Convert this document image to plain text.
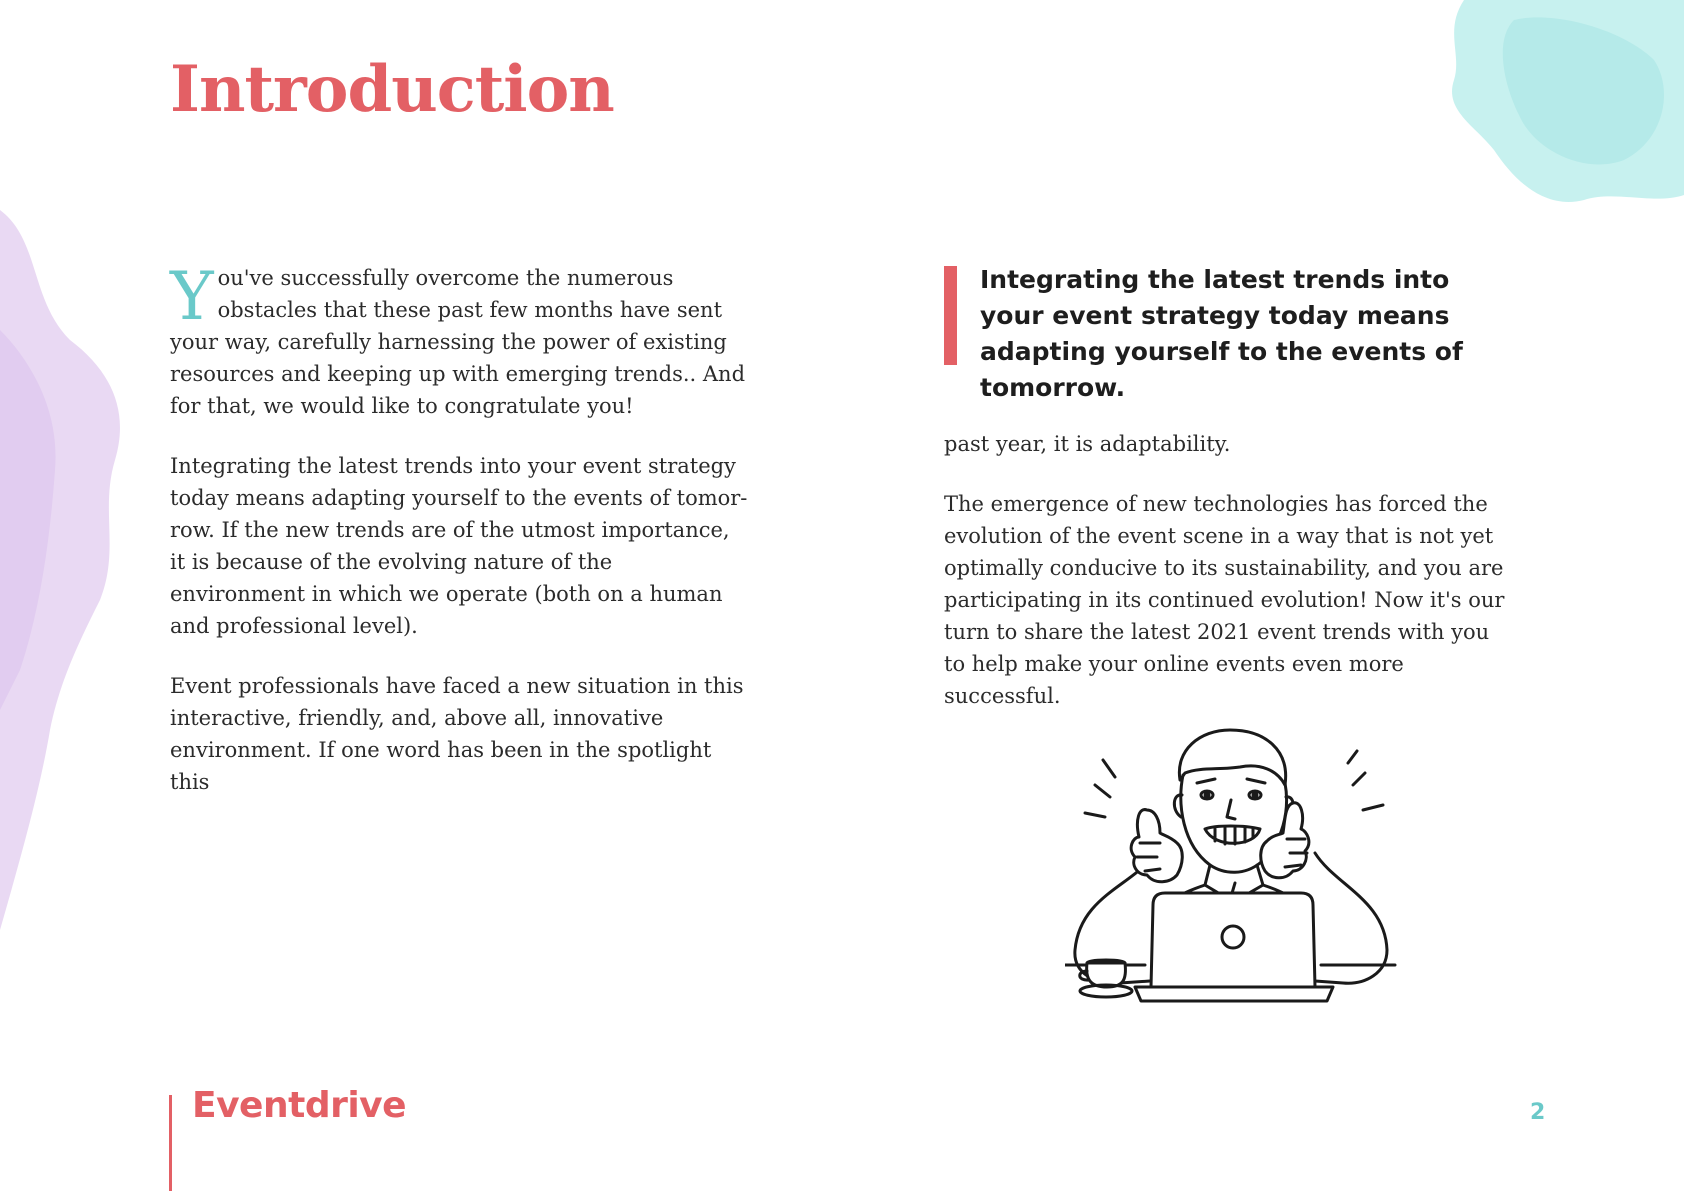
Introduction

You've successfully overcome the numerous obstacles that these past few months have sent your way, carefully harnessing the power of existing resources and keeping up with emerging trends.. And for that, we would like to congratulate you!

Integrating the latest trends into your event strategy today means adapting yourself to the events of tomor-row. If the new trends are of the utmost importance, it is because of the evolving nature of the environment in which we operate (both on a human and professional level).

Event professionals have faced a new situation in this interactive, friendly, and, above all, innovative environment. If one word has been in the spotlight this

Integrating the latest trends into your event strategy today means adapting yourself to the events of tomorrow.

past year, it is adaptability.

The emergence of new technologies has forced the evolution of the event scene in a way that is not yet optimally conducive to its sustainability, and you are participating in its continued evolution! Now it's our turn to share the latest 2021 event trends with you to help make your online events even more successful.

Eventdrive	2
